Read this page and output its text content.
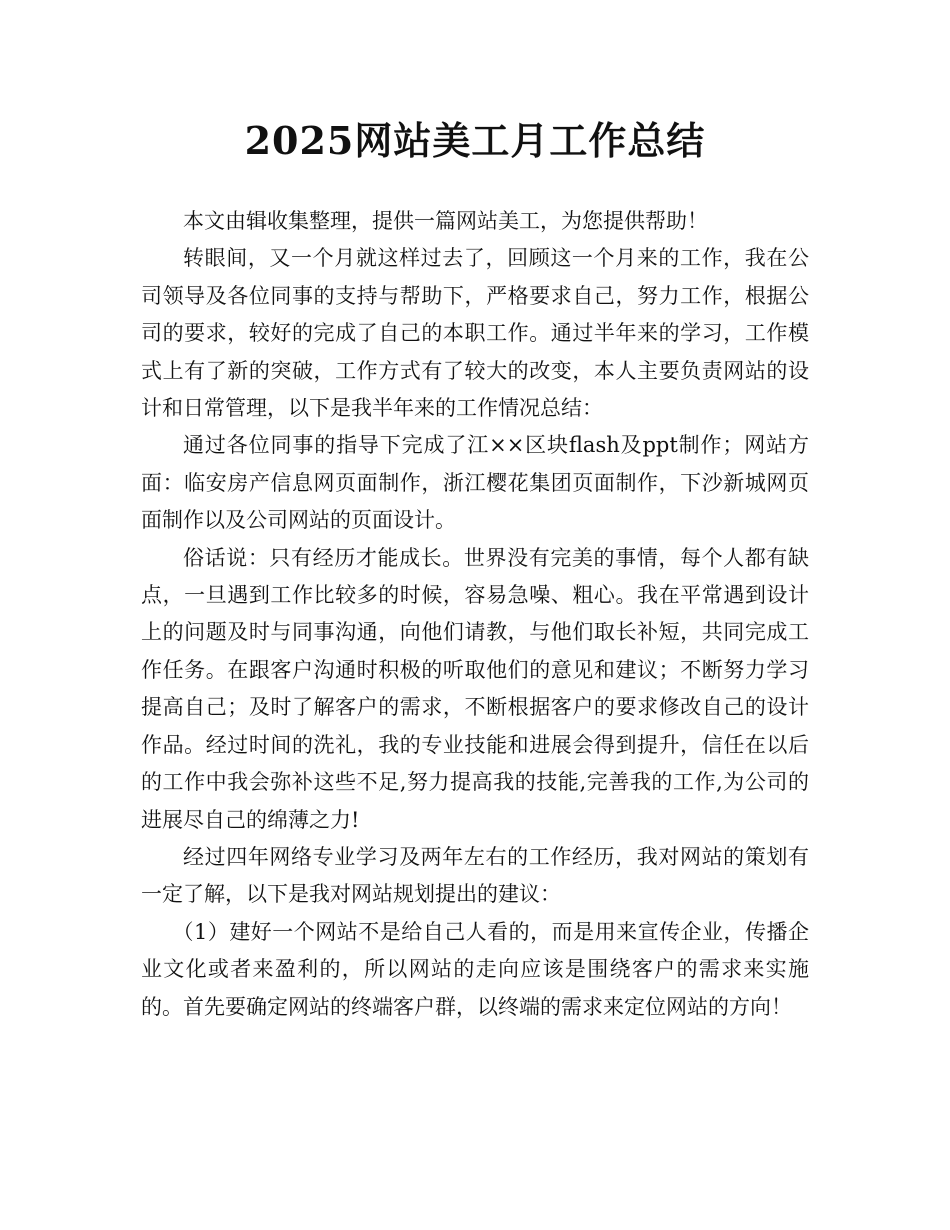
2025网站美工月工作总结

本文由辑收集整理，提供一篇网站美工，为您提供帮助！

转眼间，又一个月就这样过去了，回顾这一个月来的工作，我在公司领导及各位同事的支持与帮助下，严格要求自己，努力工作，根据公司的要求，较好的完成了自己的本职工作。通过半年来的学习，工作模式上有了新的突破，工作方式有了较大的改变，本人主要负责网站的设计和日常管理，以下是我半年来的工作情况总结：

通过各位同事的指导下完成了江××区块flash及ppt制作；网站方面：临安房产信息网页面制作，浙江樱花集团页面制作，下沙新城网页面制作以及公司网站的页面设计。

俗话说：只有经历才能成长。世界没有完美的事情，每个人都有缺点，一旦遇到工作比较多的时候，容易急噪、粗心。我在平常遇到设计上的问题及时与同事沟通，向他们请教，与他们取长补短，共同完成工作任务。在跟客户沟通时积极的听取他们的意见和建议；不断努力学习提高自己；及时了解客户的需求，不断根据客户的要求修改自己的设计作品。经过时间的洗礼，我的专业技能和进展会得到提升，信任在以后的工作中我会弥补这些不足,努力提高我的技能,完善我的工作,为公司的进展尽自己的绵薄之力!

经过四年网络专业学习及两年左右的工作经历，我对网站的策划有一定了解，以下是我对网站规划提出的建议：

（1）建好一个网站不是给自己人看的，而是用来宣传企业，传播企业文化或者来盈利的，所以网站的走向应该是围绕客户的需求来实施的。首先要确定网站的终端客户群，以终端的需求来定位网站的方向！
